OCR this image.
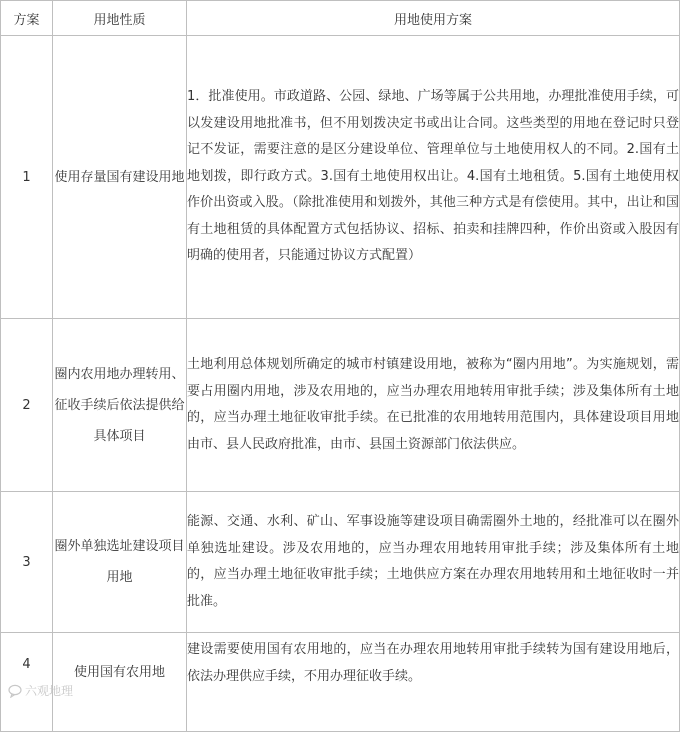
方案	用地性质	用地使用方案
1	使用存量国有建设用地	1．批准使用。市政道路、公园、绿地、广场等属于公共用地，办理批准使用手续，可以发建设用地批准书，但不用划拨决定书或出让合同。这些类型的用地在登记时只登记不发证，需要注意的是区分建设单位、管理单位与土地使用权人的不同。2.国有土地划拨，即行政方式。3.国有土地使用权出让。4.国有土地租赁。5.国有土地使用权作价出资或入股。（除批准使用和划拨外，其他三种方式是有偿使用。其中，出让和国有土地租赁的具体配置方式包括协议、招标、拍卖和挂牌四种，作价出资或入股因有明确的使用者，只能通过协议方式配置）
2	圈内农用地办理转用、征收手续后依法提供给具体项目	土地利用总体规划所确定的城市村镇建设用地，被称为“圈内用地”。为实施规划，需要占用圈内用地，涉及农用地的，应当办理农用地转用审批手续；涉及集体所有土地的，应当办理土地征收审批手续。在已批准的农用地转用范围内，具体建设项目用地由市、县人民政府批准，由市、县国土资源部门依法供应。
3	圈外单独选址建设项目用地	能源、交通、水利、矿山、军事设施等建设项目确需圈外土地的，经批准可以在圈外单独选址建设。涉及农用地的，应当办理农用地转用审批手续；涉及集体所有土地的，应当办理土地征收审批手续；土地供应方案在办理农用地转用和土地征收时一并批准。
4	使用国有农用地	建设需要使用国有农用地的，应当在办理农用地转用审批手续转为国有建设用地后，依法办理供应手续，不用办理征收手续。
六观地理
